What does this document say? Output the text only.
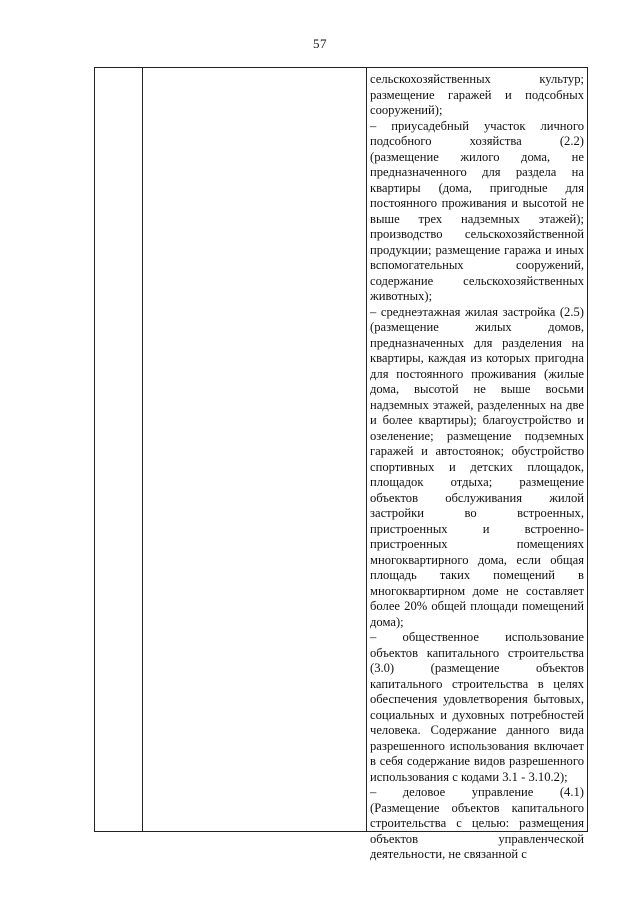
57

сельскохозяйственных культур; размещение гаражей и подсобных сооружений);

– приусадебный участок личного подсобного хозяйства (2.2) (размещение жилого дома, не предназначенного для раздела на квартиры (дома, пригодные для постоянного проживания и высотой не выше трех надземных этажей); производство сельскохозяйственной продукции; размещение гаража и иных вспомогательных сооружений, содержание сельскохозяйственных животных);

– среднеэтажная жилая застройка (2.5) (размещение жилых домов, предназначенных для разделения на квартиры, каждая из которых пригодна для постоянного проживания (жилые дома, высотой не выше восьми надземных этажей, разделенных на две и более квартиры); благоустройство и озеленение; размещение подземных гаражей и автостоянок; обустройство спортивных и детских площадок, площадок отдыха; размещение объектов обслуживания жилой застройки во встроенных, пристроенных и встроенно-пристроенных помещениях многоквартирного дома, если общая площадь таких помещений в многоквартирном доме не составляет более 20% общей площади помещений дома);

– общественное использование объектов капитального строительства (3.0) (размещение объектов капитального строительства в целях обеспечения удовлетворения бытовых, социальных и духовных потребностей человека. Содержание данного вида разрешенного использования включает в себя содержание видов разрешенного использования с кодами 3.1 - 3.10.2);

– деловое управление (4.1) (Размещение объектов капитального строительства с целью: размещения объектов управленческой деятельности, не связанной с
